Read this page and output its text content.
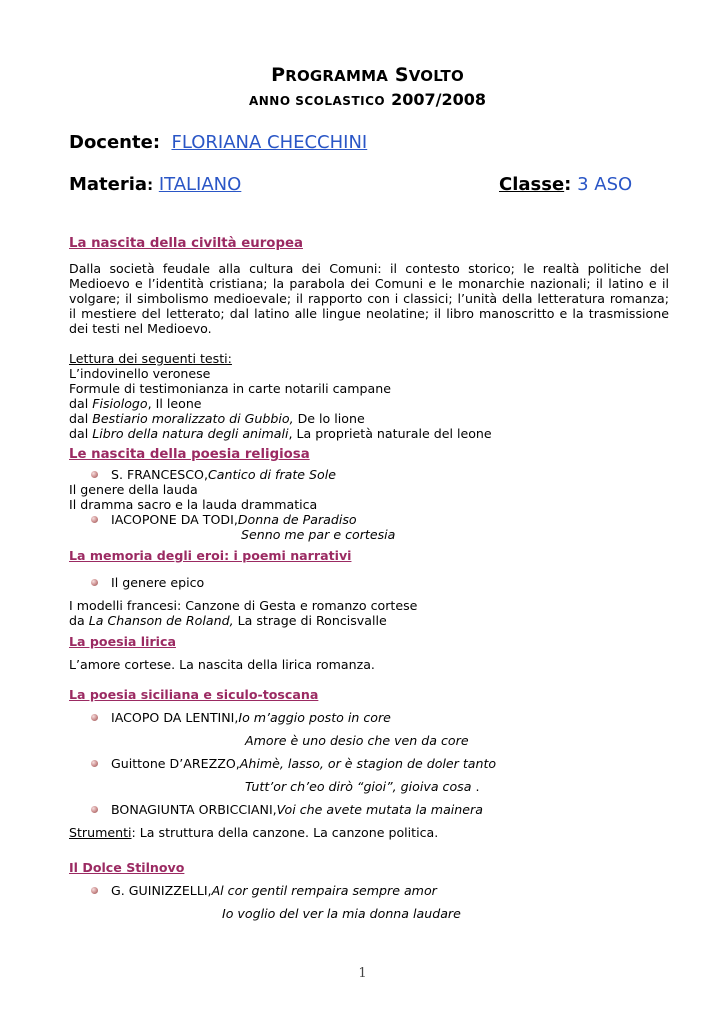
PROGRAMMA SVOLTO
ANNO SCOLASTICO 2007/2008
Docente: FLORIANA CHECCHINI
Materia: ITALIANO	Classe: 3 ASO

La nascita della civiltà europea

Dalla società feudale alla cultura dei Comuni: il contesto storico; le realtà politiche del Medioevo e l’identità cristiana; la parabola dei Comuni e le monarchie nazionali; il latino e il volgare; il simbolismo medioevale; il rapporto con i classici; l’unità della letteratura romanza; il mestiere del letterato; dal latino alle lingue neolatine; il libro manoscritto e la trasmissione dei testi nel Medioevo.

Lettura dei seguenti testi:

L’indovinello veronese

Formule di testimonianza in carte notarili campane

dal Fisiologo, Il leone

dal Bestiario moralizzato di Gubbio, De lo lione

dal Libro della natura degli animali, La proprietà naturale del leone

Le nascita della poesia religiosa

S. FRANCESCO, Cantico di frate Sole

Il genere della lauda

Il dramma sacro e la lauda drammatica

IACOPONE DA TODI, Donna de Paradiso

Senno me par e cortesia

La memoria degli eroi: i poemi narrativi

Il genere epico

I modelli francesi: Canzone di Gesta e romanzo cortese

da La Chanson de Roland, La strage di Roncisvalle

La poesia lirica

L’amore cortese. La nascita della lirica romanza.

La poesia siciliana e siculo-toscana

IACOPO DA LENTINI, Io m’aggio posto in core

Amore è uno desio che ven da core

Guittone D’AREZZO, Ahimè, lasso, or è stagion de doler tanto

Tutt’or ch’eo dirò “gioi”, gioiva cosa .

BONAGIUNTA ORBICCIANI, Voi che avete mutata la mainera

Strumenti: La struttura della canzone. La canzone politica.

Il Dolce Stilnovo

G. GUINIZZELLI, Al cor gentil rempaira sempre amor

Io voglio del ver la mia donna laudare

1
